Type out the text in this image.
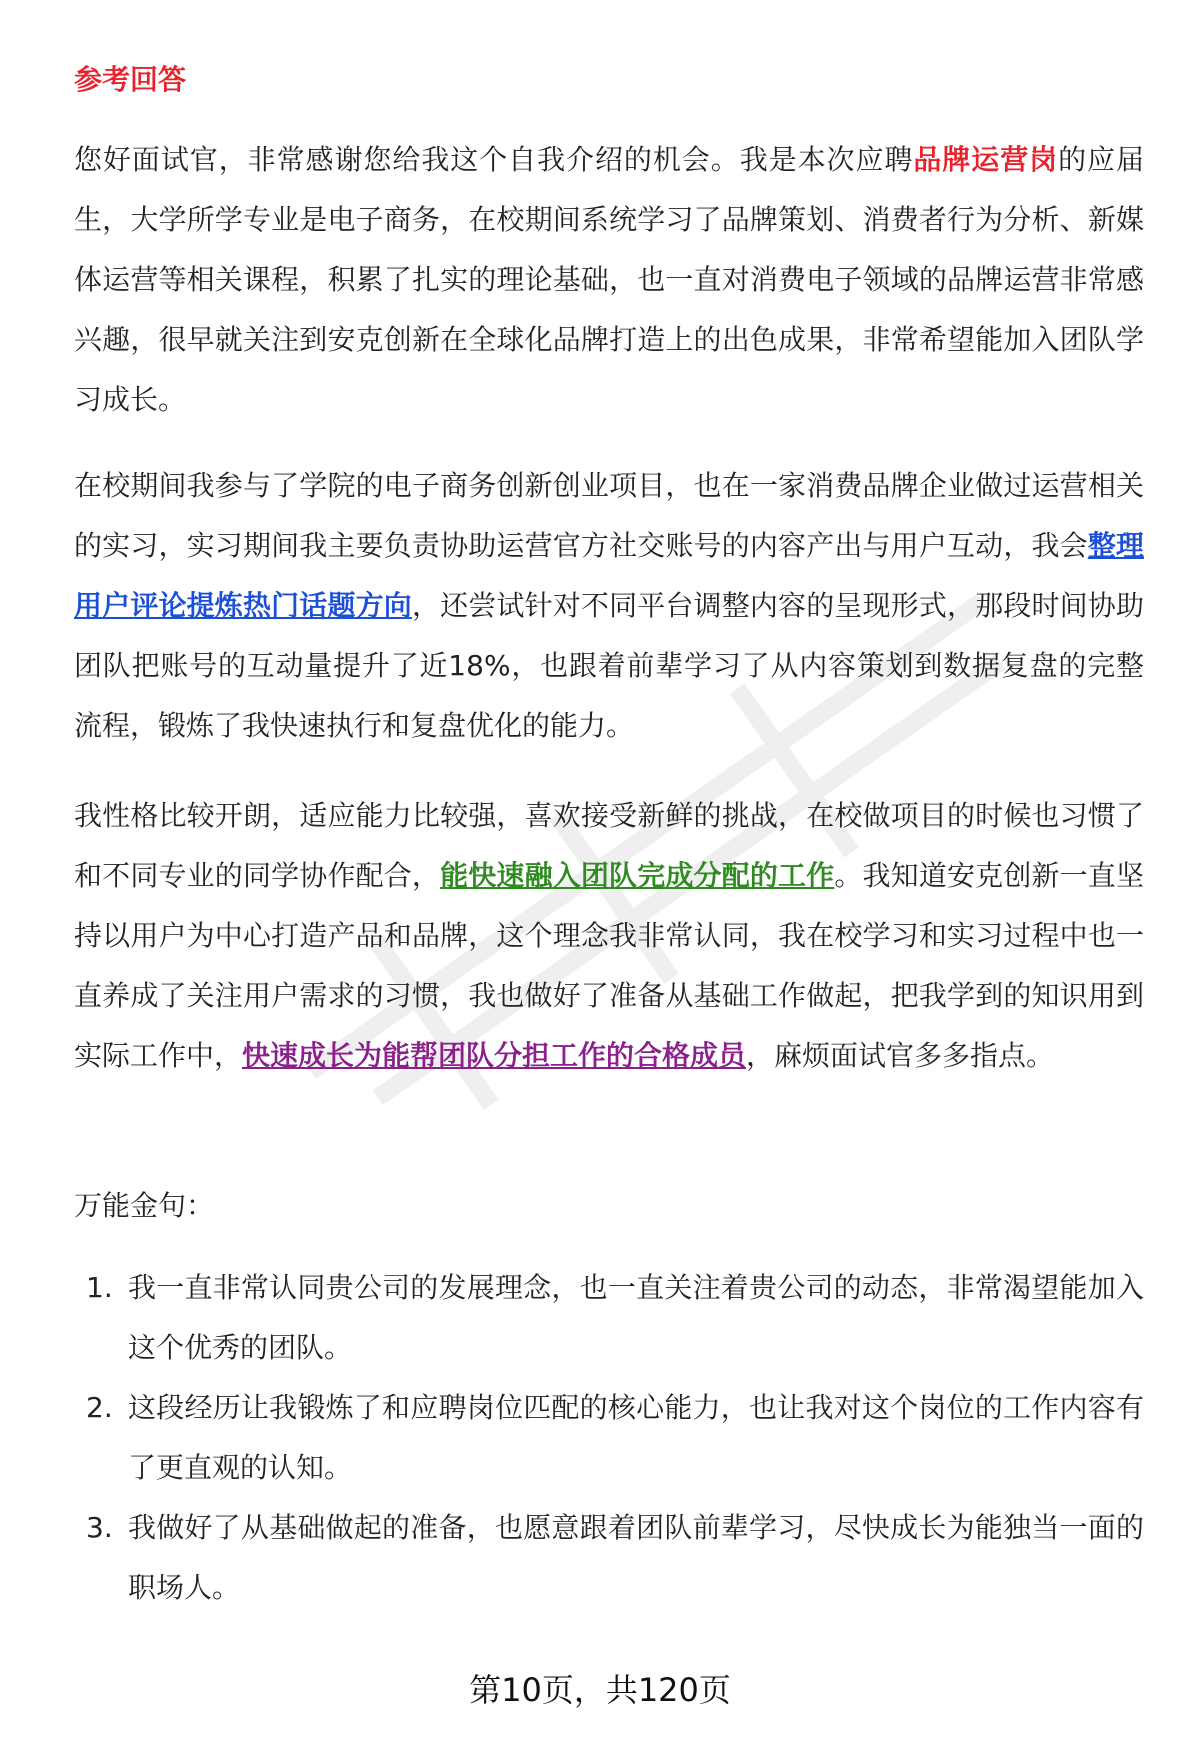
参考回答
您好面试官，非常感谢您给我这个自我介绍的机会。我是本次应聘品牌运营岗的应届生，大学所学专业是电子商务，在校期间系统学习了品牌策划、消费者行为分析、新媒体运营等相关课程，积累了扎实的理论基础，也一直对消费电子领域的品牌运营非常感兴趣，很早就关注到安克创新在全球化品牌打造上的出色成果，非常希望能加入团队学习成长。
在校期间我参与了学院的电子商务创新创业项目，也在一家消费品牌企业做过运营相关的实习，实习期间我主要负责协助运营官方社交账号的内容产出与用户互动，我会整理用户评论提炼热门话题方向，还尝试针对不同平台调整内容的呈现形式，那段时间协助团队把账号的互动量提升了近18%，也跟着前辈学习了从内容策划到数据复盘的完整流程，锻炼了我快速执行和复盘优化的能力。
我性格比较开朗，适应能力比较强，喜欢接受新鲜的挑战，在校做项目的时候也习惯了和不同专业的同学协作配合，能快速融入团队完成分配的工作。我知道安克创新一直坚持以用户为中心打造产品和品牌，这个理念我非常认同，我在校学习和实习过程中也一直养成了关注用户需求的习惯，我也做好了准备从基础工作做起，把我学到的知识用到实际工作中，快速成长为能帮团队分担工作的合格成员，麻烦面试官多多指点。
万能金句：
1. 我一直非常认同贵公司的发展理念，也一直关注着贵公司的动态，非常渴望能加入这个优秀的团队。
2. 这段经历让我锻炼了和应聘岗位匹配的核心能力，也让我对这个岗位的工作内容有了更直观的认知。
3. 我做好了从基础做起的准备，也愿意跟着团队前辈学习，尽快成长为能独当一面的职场人。
第10页，共120页
